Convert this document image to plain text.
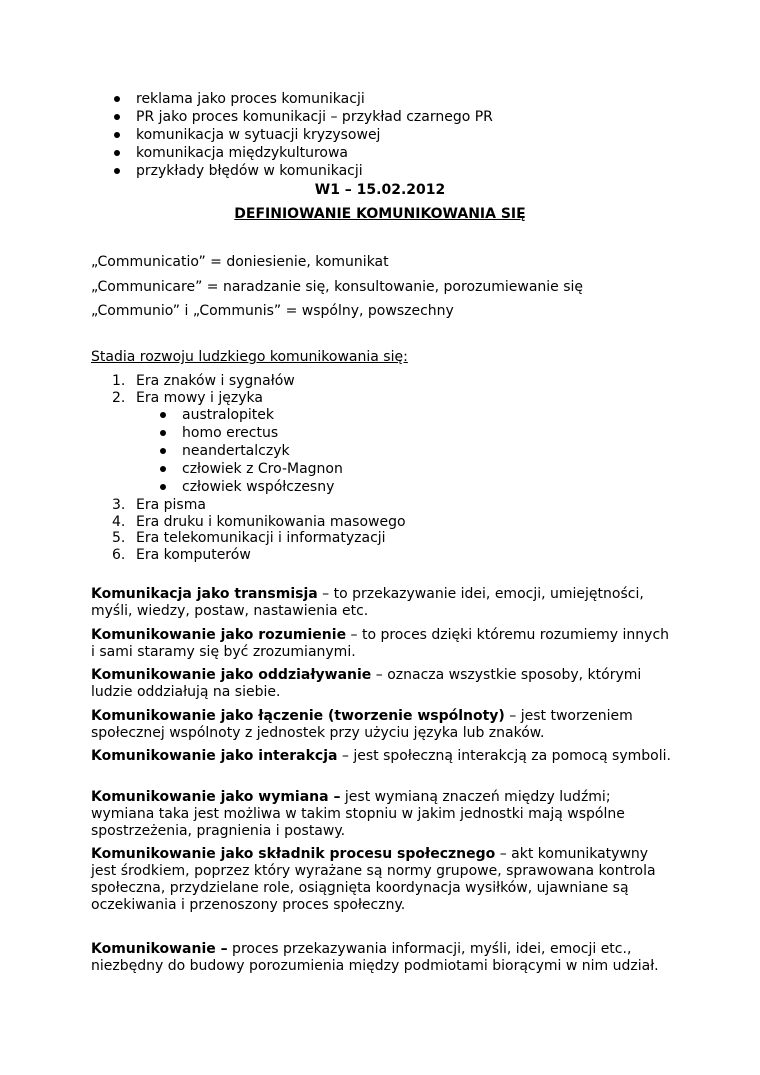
reklama jako proces komunikacji
PR jako proces komunikacji – przykład czarnego PR
komunikacja w sytuacji kryzysowej
komunikacja międzykulturowa
przykłady błędów w komunikacji
W1 – 15.02.2012
DEFINIOWANIE KOMUNIKOWANIA SIĘ
„Communicatio” = doniesienie, komunikat
„Communicare” = naradzanie się, konsultowanie, porozumiewanie się
„Communio” i „Communis” = wspólny, powszechny
Stadia rozwoju ludzkiego komunikowania się:
1. Era znaków i sygnałów
2. Era mowy i języka
australopitek
homo erectus
neandertalczyk
człowiek z Cro-Magnon
człowiek współczesny
3. Era pisma
4. Era druku i komunikowania masowego
5. Era telekomunikacji i informatyzacji
6. Era komputerów

Komunikacja jako transmisja – to przekazywanie idei, emocji, umiejętności, myśli, wiedzy, postaw, nastawienia etc.

Komunikowanie jako rozumienie – to proces dzięki któremu rozumiemy innych i sami staramy się być zrozumianymi.

Komunikowanie jako oddziaływanie – oznacza wszystkie sposoby, którymi ludzie oddziałują na siebie.

Komunikowanie jako łączenie (tworzenie wspólnoty) – jest tworzeniem społecznej wspólnoty z jednostek przy użyciu języka lub znaków.

Komunikowanie jako interakcja – jest społeczną interakcją za pomocą symboli.

Komunikowanie jako wymiana – jest wymianą znaczeń między ludźmi; wymiana taka jest możliwa w takim stopniu w jakim jednostki mają wspólne spostrzeżenia, pragnienia i postawy.

Komunikowanie jako składnik procesu społecznego – akt komunikatywny jest środkiem, poprzez który wyrażane są normy grupowe, sprawowana kontrola społeczna, przydzielane role, osiągnięta koordynacja wysiłków, ujawniane są oczekiwania i przenoszony proces społeczny.

Komunikowanie – proces przekazywania informacji, myśli, idei, emocji etc., niezbędny do budowy porozumienia między podmiotami biorącymi w nim udział.
